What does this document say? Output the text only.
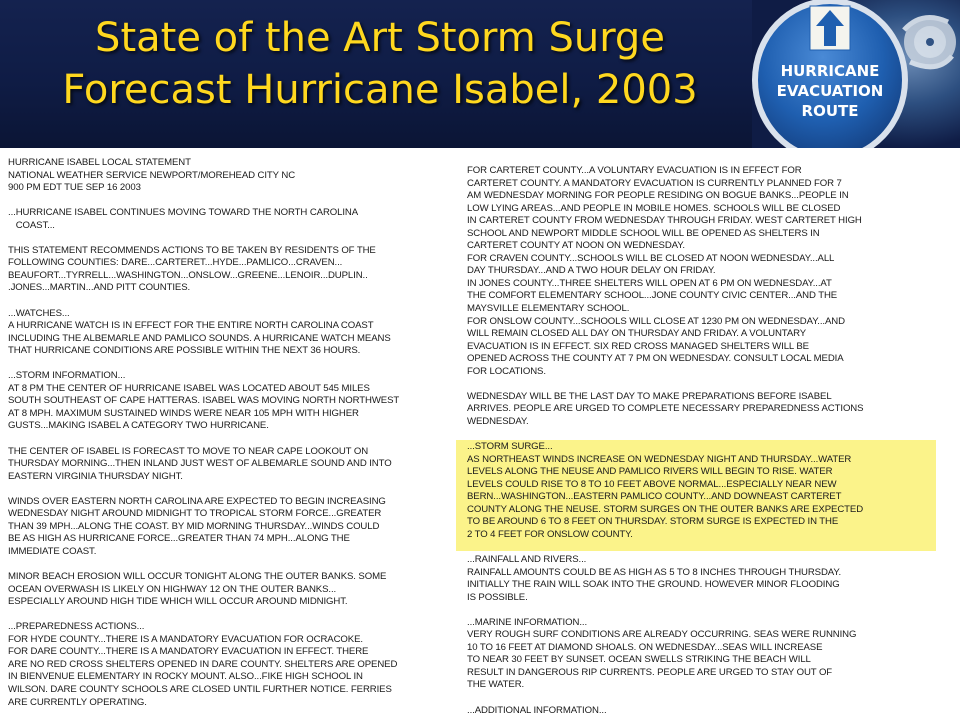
State of the Art Storm Surge
Forecast Hurricane Isabel, 2003	HURRICANE
EVACUATION
ROUTE
HURRICANE ISABEL LOCAL STATEMENT
NATIONAL WEATHER SERVICE NEWPORT/MOREHEAD CITY NC
900 PM EDT TUE SEP 16 2003
...HURRICANE ISABEL CONTINUES MOVING TOWARD THE NORTH CAROLINA
COAST...
THIS STATEMENT RECOMMENDS ACTIONS TO BE TAKEN BY RESIDENTS OF THE
FOLLOWING COUNTIES: DARE...CARTERET...HYDE...PAMLICO...CRAVEN...
BEAUFORT...TYRRELL...WASHINGTON...ONSLOW...GREENE...LENOIR...DUPLIN..
.JONES...MARTIN...AND PITT COUNTIES.
...WATCHES...
A HURRICANE WATCH IS IN EFFECT FOR THE ENTIRE NORTH CAROLINA COAST
INCLUDING THE ALBEMARLE AND PAMLICO SOUNDS. A HURRICANE WATCH MEANS
THAT HURRICANE CONDITIONS ARE POSSIBLE WITHIN THE NEXT 36 HOURS.
...STORM INFORMATION...
AT 8 PM THE CENTER OF HURRICANE ISABEL WAS LOCATED ABOUT 545 MILES
SOUTH SOUTHEAST OF CAPE HATTERAS. ISABEL WAS MOVING NORTH NORTHWEST
AT 8 MPH. MAXIMUM SUSTAINED WINDS WERE NEAR 105 MPH WITH HIGHER
GUSTS...MAKING ISABEL A CATEGORY TWO HURRICANE.
THE CENTER OF ISABEL IS FORECAST TO MOVE TO NEAR CAPE LOOKOUT ON
THURSDAY MORNING...THEN INLAND JUST WEST OF ALBEMARLE SOUND AND INTO
EASTERN VIRGINIA THURSDAY NIGHT.
WINDS OVER EASTERN NORTH CAROLINA ARE EXPECTED TO BEGIN INCREASING
WEDNESDAY NIGHT AROUND MIDNIGHT TO TROPICAL STORM FORCE...GREATER
THAN 39 MPH...ALONG THE COAST. BY MID MORNING THURSDAY...WINDS COULD
BE AS HIGH AS HURRICANE FORCE...GREATER THAN 74 MPH...ALONG THE
IMMEDIATE COAST.
MINOR BEACH EROSION WILL OCCUR TONIGHT ALONG THE OUTER BANKS. SOME
OCEAN OVERWASH IS LIKELY ON HIGHWAY 12 ON THE OUTER BANKS...
ESPECIALLY AROUND HIGH TIDE WHICH WILL OCCUR AROUND MIDNIGHT.
...PREPAREDNESS ACTIONS...
FOR HYDE COUNTY...THERE IS A MANDATORY EVACUATION FOR OCRACOKE.
FOR DARE COUNTY...THERE IS A MANDATORY EVACUATION IN EFFECT. THERE
ARE NO RED CROSS SHELTERS OPENED IN DARE COUNTY. SHELTERS ARE OPENED
IN BIENVENUE ELEMENTARY IN ROCKY MOUNT. ALSO...FIKE HIGH SCHOOL IN
WILSON. DARE COUNTY SCHOOLS ARE CLOSED UNTIL FURTHER NOTICE. FERRIES
ARE CURRENTLY OPERATING.
FOR CARTERET COUNTY...A VOLUNTARY EVACUATION IS IN EFFECT FOR
CARTERET COUNTY. A MANDATORY EVACUATION IS CURRENTLY PLANNED FOR 7
AM WEDNESDAY MORNING FOR PEOPLE RESIDING ON BOGUE BANKS...PEOPLE IN
LOW LYING AREAS...AND PEOPLE IN MOBILE HOMES. SCHOOLS WILL BE CLOSED
IN CARTERET COUNTY FROM WEDNESDAY THROUGH FRIDAY. WEST CARTERET HIGH
SCHOOL AND NEWPORT MIDDLE SCHOOL WILL BE OPENED AS SHELTERS IN
CARTERET COUNTY AT NOON ON WEDNESDAY.
FOR CRAVEN COUNTY...SCHOOLS WILL BE CLOSED AT NOON WEDNESDAY...ALL
DAY THURSDAY...AND A TWO HOUR DELAY ON FRIDAY.
IN JONES COUNTY...THREE SHELTERS WILL OPEN AT 6 PM ON WEDNESDAY...AT
THE COMFORT ELEMENTARY SCHOOL...JONE COUNTY CIVIC CENTER...AND THE
MAYSVILLE ELEMENTARY SCHOOL.
FOR ONSLOW COUNTY...SCHOOLS WILL CLOSE AT 1230 PM ON WEDNESDAY...AND
WILL REMAIN CLOSED ALL DAY ON THURSDAY AND FRIDAY. A VOLUNTARY
EVACUATION IS IN EFFECT. SIX RED CROSS MANAGED SHELTERS WILL BE
OPENED ACROSS THE COUNTY AT 7 PM ON WEDNESDAY. CONSULT LOCAL MEDIA
FOR LOCATIONS.
WEDNESDAY WILL BE THE LAST DAY TO MAKE PREPARATIONS BEFORE ISABEL
ARRIVES. PEOPLE ARE URGED TO COMPLETE NECESSARY PREPAREDNESS ACTIONS
WEDNESDAY.
...STORM SURGE...
AS NORTHEAST WINDS INCREASE ON WEDNESDAY NIGHT AND THURSDAY...WATER
LEVELS ALONG THE NEUSE AND PAMLICO RIVERS WILL BEGIN TO RISE. WATER
LEVELS COULD RISE TO 8 TO 10 FEET ABOVE NORMAL...ESPECIALLY NEAR NEW
BERN...WASHINGTON...EASTERN PAMLICO COUNTY...AND DOWNEAST CARTERET
COUNTY ALONG THE NEUSE. STORM SURGES ON THE OUTER BANKS ARE EXPECTED
TO BE AROUND 6 TO 8 FEET ON THURSDAY. STORM SURGE IS EXPECTED IN THE
2 TO 4 FEET FOR ONSLOW COUNTY.
...RAINFALL AND RIVERS...
RAINFALL AMOUNTS COULD BE AS HIGH AS 5 TO 8 INCHES THROUGH THURSDAY.
INITIALLY THE RAIN WILL SOAK INTO THE GROUND. HOWEVER MINOR FLOODING
IS POSSIBLE.
...MARINE INFORMATION...
VERY ROUGH SURF CONDITIONS ARE ALREADY OCCURRING. SEAS WERE RUNNING
10 TO 16 FEET AT DIAMOND SHOALS. ON WEDNESDAY...SEAS WILL INCREASE
TO NEAR 30 FEET BY SUNSET. OCEAN SWELLS STRIKING THE BEACH WILL
RESULT IN DANGEROUS RIP CURRENTS. PEOPLE ARE URGED TO STAY OUT OF
THE WATER.
...ADDITIONAL INFORMATION...
